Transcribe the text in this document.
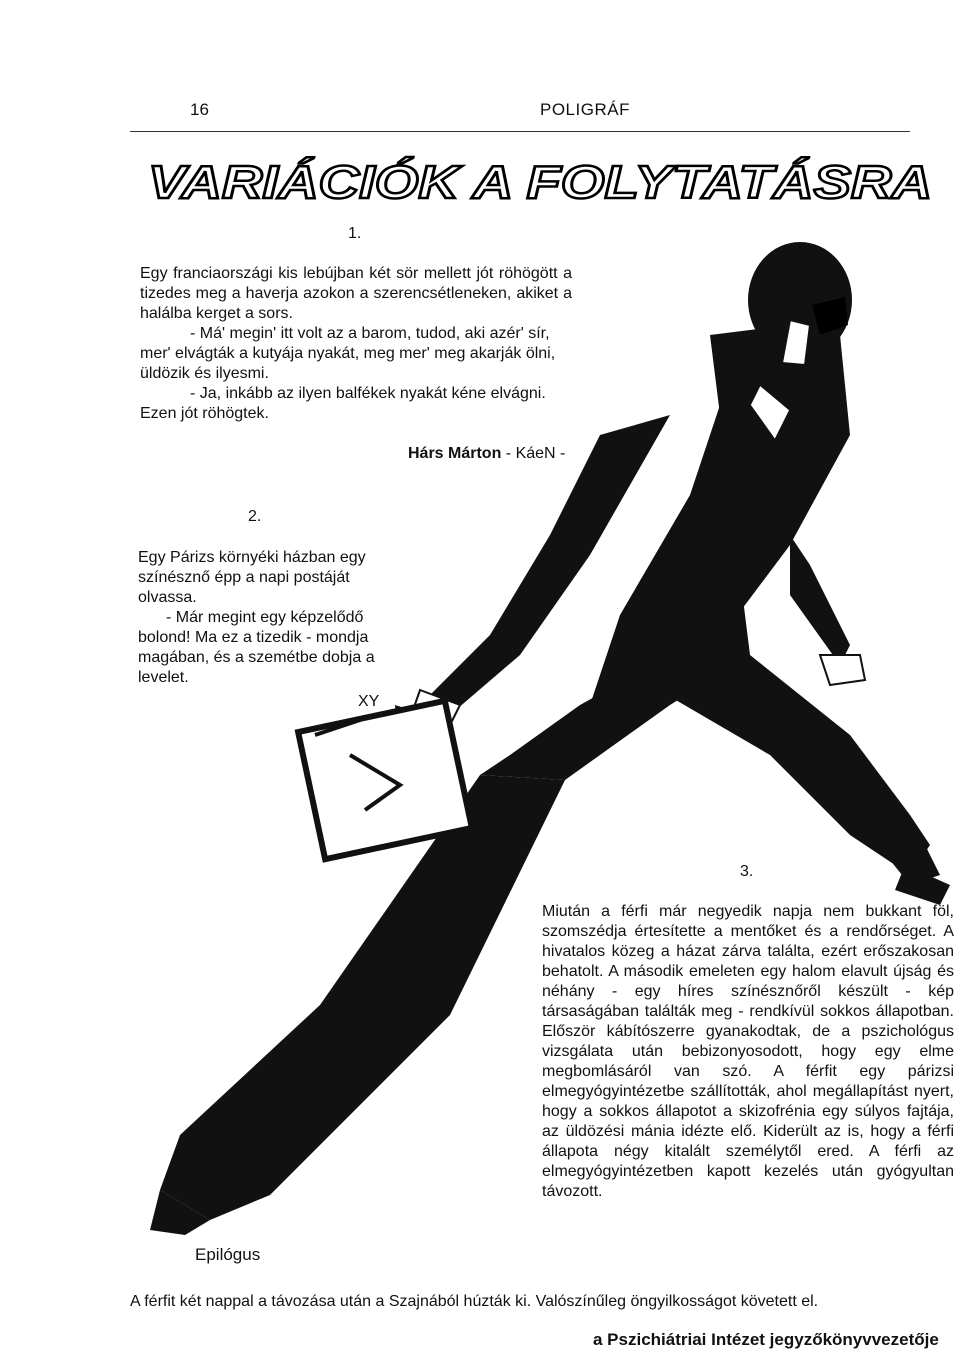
16	POLIGRÁF
VARIÁCIÓK A FOLYTATÁSRA
1.

Egy franciaországi kis lebújban két sör mellett jót röhögött a tizedes meg a haverja azokon a szerencsétleneken, akiket a halálba kerget a sors.

- Má' megin' itt volt az a barom, tudod, aki azér' sír, mer' elvágták a kutyája nyakát, meg mer' meg akarják ölni, üldözik és ilyesmi.

- Ja, inkább az ilyen balfékek nyakát kéne elvágni.

Ezen jót röhögtek.

Hárs Márton - KáeN -
2.

Egy Párizs környéki házban egy színésznő épp a napi postáját olvassa.

- Már megint egy képzelődő bolond! Ma ez a tizedik - mondja magában, és a szemétbe dobja a levelet.

XY
3.

Miután a férfi már negyedik napja nem bukkant föl, szomszédja értesítette a mentőket és a rendőrséget. A hivatalos közeg a házat zárva találta, ezért erőszakosan behatolt. A második emeleten egy halom elavult újság és néhány - egy híres színésznőről készült - kép társaságában találták meg - rendkívül sokkos állapotban. Először kábítószerre gyanakodtak, de a pszichológus vizsgálata után bebizonyosodott, hogy egy elme megbomlásáról van szó. A férfit egy párizsi elmegyógyintézetbe szállították, ahol megállapítást nyert, hogy a sokkos állapotot a skizofrénia egy súlyos fajtája, az üldözési mánia idézte elő. Kiderült az is, hogy a férfi állapota négy kitalált személytől ered. A férfi az elmegyógyintézetben kapott kezelés után gyógyultan távozott.

Epilógus
A férfit két nappal a távozása után a Szajnából húzták ki. Valószínűleg öngyilkosságot követett el.
a Pszichiátriai Intézet jegyzőkönyvvezetője
